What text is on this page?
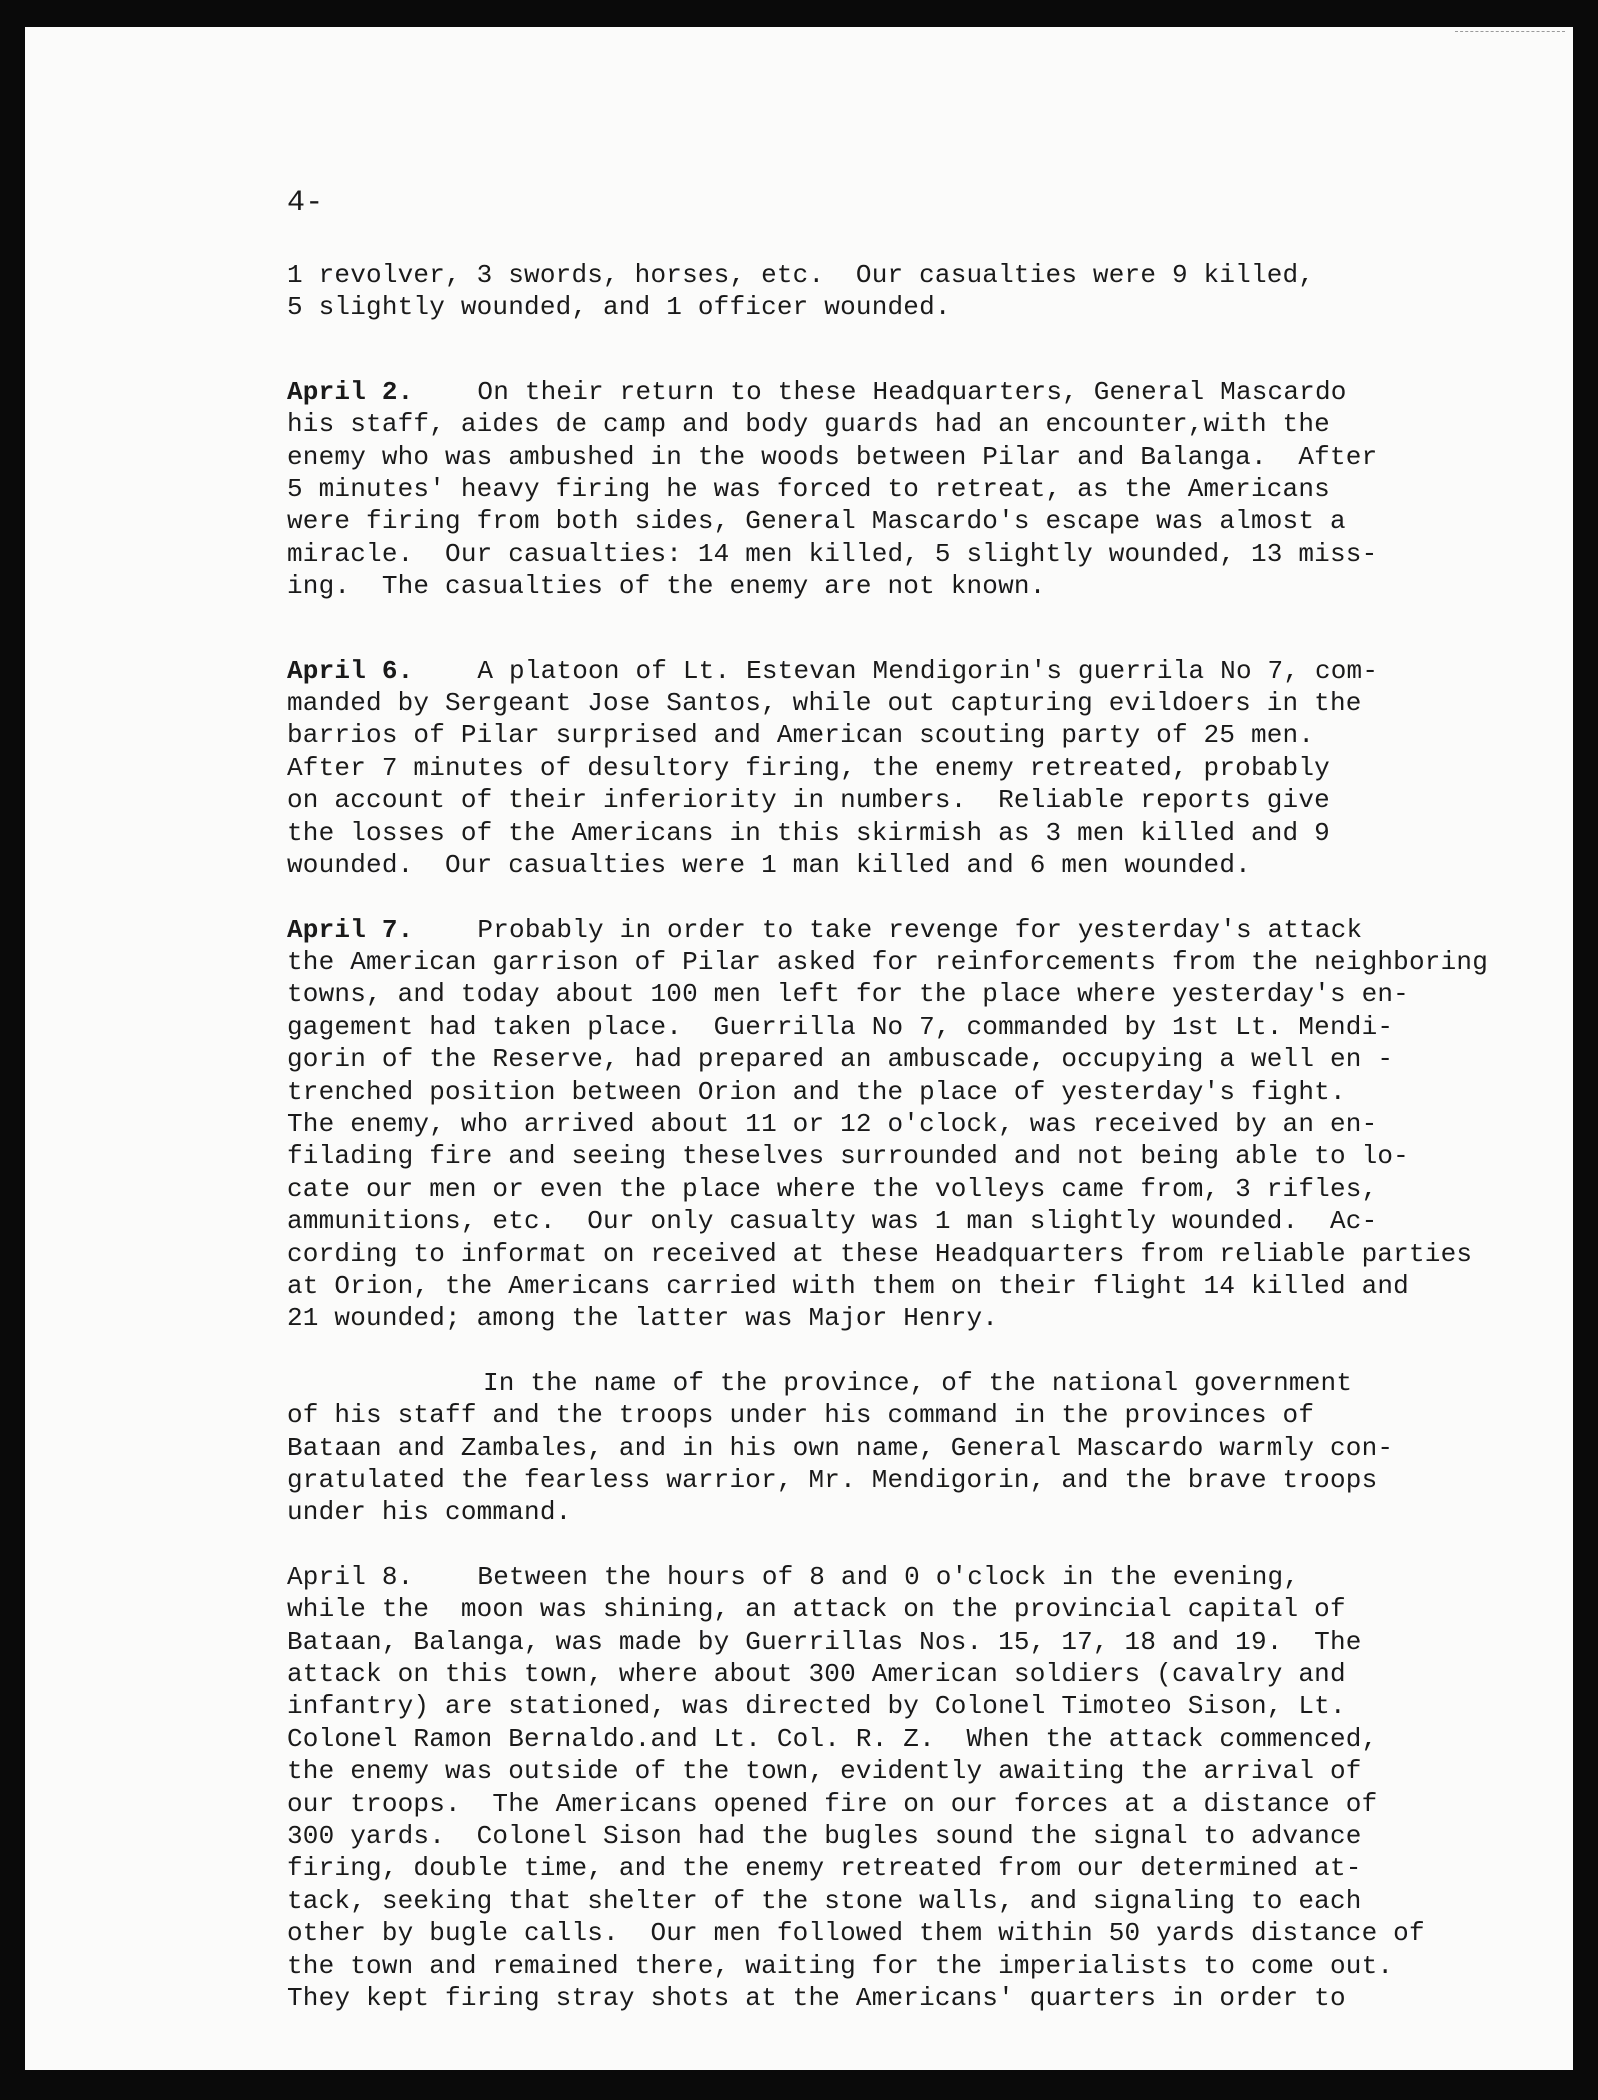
4-

1 revolver, 3 swords, horses, etc.  Our casualties were 9 killed,

5 slightly wounded, and 1 officer wounded.

April 2. On their return to these Headquarters, General Mascardo

his staff, aides de camp and body guards had an encounter,with the

enemy who was ambushed in the woods between Pilar and Balanga.  After

5 minutes' heavy firing he was forced to retreat, as the Americans

were firing from both sides, General Mascardo's escape was almost a

miracle.  Our casualties: 14 men killed, 5 slightly wounded, 13 miss-

ing.  The casualties of the enemy are not known.

April 6. A platoon of Lt. Estevan Mendigorin's guerrila No 7, com-

manded by Sergeant Jose Santos, while out capturing evildoers in the

barrios of Pilar surprised and American scouting party of 25 men.

After 7 minutes of desultory firing, the enemy retreated, probably

on account of their inferiority in numbers.  Reliable reports give

the losses of the Americans in this skirmish as 3 men killed and 9

wounded.  Our casualties were 1 man killed and 6 men wounded.

April 7. Probably in order to take revenge for yesterday's attack

the American garrison of Pilar asked for reinforcements from the neighboring

towns, and today about 100 men left for the place where yesterday's en-

gagement had taken place.  Guerrilla No 7, commanded by 1st Lt. Mendi-

gorin of the Reserve, had prepared an ambuscade, occupying a well en -

trenched position between Orion and the place of yesterday's fight.

The enemy, who arrived about 11 or 12 o'clock, was received by an en-

filading fire and seeing theselves surrounded and not being able to lo-

cate our men or even the place where the volleys came from, 3 rifles,

ammunitions, etc.  Our only casualty was 1 man slightly wounded.  Ac-

cording to informat on received at these Headquarters from reliable parties

at Orion, the Americans carried with them on their flight 14 killed and

21 wounded; among the latter was Major Henry.

In the name of the province, of the national government

of his staff and the troops under his command in the provinces of

Bataan and Zambales, and in his own name, General Mascardo warmly con-

gratulated the fearless warrior, Mr. Mendigorin, and the brave troops

under his command.

April 8. Between the hours of 8 and 0 o'clock in the evening,

while the  moon was shining, an attack on the provincial capital of

Bataan, Balanga, was made by Guerrillas Nos. 15, 17, 18 and 19.  The

attack on this town, where about 300 American soldiers (cavalry and

infantry) are stationed, was directed by Colonel Timoteo Sison, Lt.

Colonel Ramon Bernaldo.and Lt. Col. R. Z.  When the attack commenced,

the enemy was outside of the town, evidently awaiting the arrival of

our troops.  The Americans opened fire on our forces at a distance of

300 yards.  Colonel Sison had the bugles sound the signal to advance

firing, double time, and the enemy retreated from our determined at-

tack, seeking that shelter of the stone walls, and signaling to each

other by bugle calls.  Our men followed them within 50 yards distance of

the town and remained there, waiting for the imperialists to come out.

They kept firing stray shots at the Americans' quarters in order to
